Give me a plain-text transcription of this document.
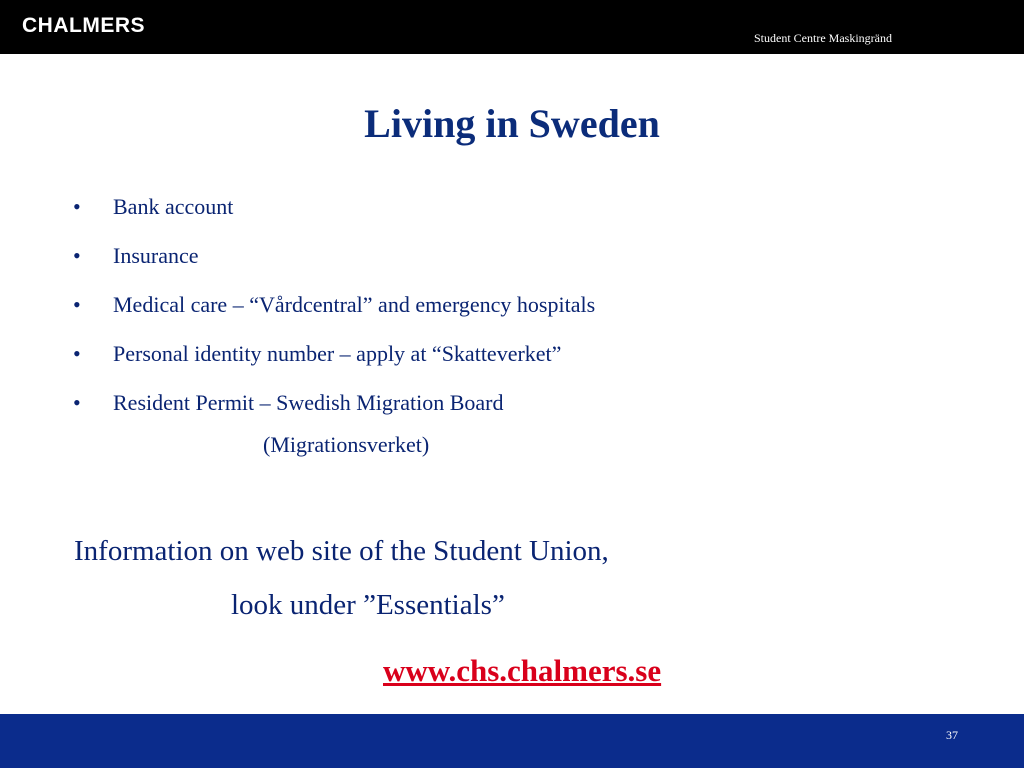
CHALMERS
Student Centre Maskingränd
Living in Sweden
• Bank account
• Insurance
• Medical care – “Vårdcentral” and emergency hospitals
• Personal identity number – apply at “Skatteverket”
• Resident Permit – Swedish Migration Board
(Migrationsverket)
Information on web site of the Student Union,
look under ”Essentials”
www.chs.chalmers.se
37
